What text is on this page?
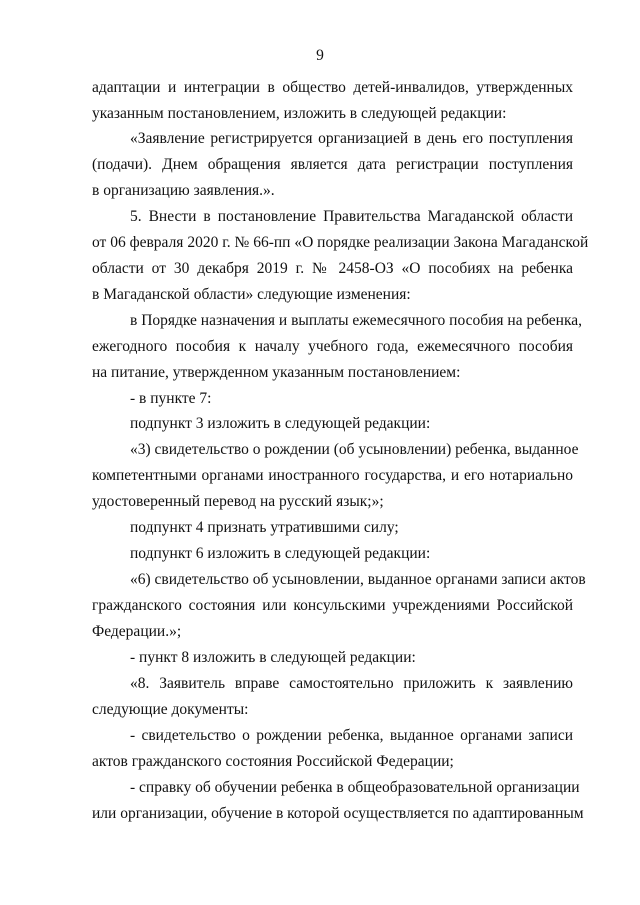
9
адаптации и интеграции в общество детей-инвалидов, утвержденных
указанным постановлением, изложить в следующей редакции:
«Заявление регистрируется организацией в день его поступления
(подачи). Днем обращения является дата регистрации поступления
в организацию заявления.».
5. Внести в постановление Правительства Магаданской области
от 06 февраля 2020 г. № 66-пп «О порядке реализации Закона Магаданской
области от 30 декабря 2019 г. № 2458-ОЗ «О пособиях на ребенка
в Магаданской области» следующие изменения:
в Порядке назначения и выплаты ежемесячного пособия на ребенка,
ежегодного пособия к началу учебного года, ежемесячного пособия
на питание, утвержденном указанным постановлением:
- в пункте 7:
подпункт 3 изложить в следующей редакции:
«3) свидетельство о рождении (об усыновлении) ребенка, выданное
компетентными органами иностранного государства, и его нотариально
удостоверенный перевод на русский язык;»;
подпункт 4 признать утратившими силу;
подпункт 6 изложить в следующей редакции:
«6) свидетельство об усыновлении, выданное органами записи актов
гражданского состояния или консульскими учреждениями Российской
Федерации.»;
- пункт 8 изложить в следующей редакции:
«8. Заявитель вправе самостоятельно приложить к заявлению
следующие документы:
- свидетельство о рождении ребенка, выданное органами записи
актов гражданского состояния Российской Федерации;
- справку об обучении ребенка в общеобразовательной организации
или организации, обучение в которой осуществляется по адаптированным
